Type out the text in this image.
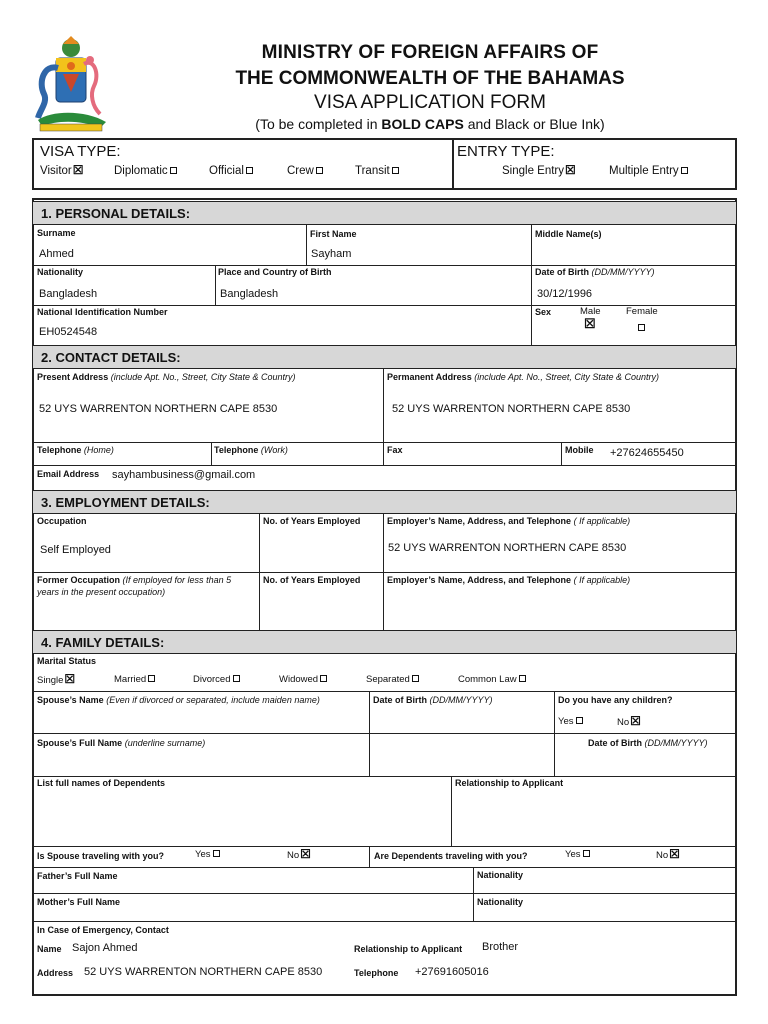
MINISTRY OF FOREIGN AFFAIRS OF
THE COMMONWEALTH OF THE BAHAMAS
VISA APPLICATION FORM
(To be completed in BOLD CAPS and Black or Blue Ink)
VISA TYPE:
Visitor☒	Diplomatic	Official	Crew	Transit
ENTRY TYPE:
Single Entry☒	Multiple Entry
1. PERSONAL DETAILS:
Surname
Ahmed
First Name
Sayham
Middle Name(s)
Nationality
Bangladesh
Place and Country of Birth
Bangladesh
Date of Birth (DD/MM/YYYY)
30/12/1996
National Identification Number
EH0524548
Sex	Male
☒
Female
2. CONTACT DETAILS:
Present Address (include Apt. No., Street, City State & Country)
52 UYS WARRENTON NORTHERN CAPE 8530
Permanent Address (include Apt. No., Street, City State & Country)
52 UYS WARRENTON NORTHERN CAPE 8530
Telephone (Home)	Telephone (Work)	Fax	Mobile +27624655450
Email Address sayhambusiness@gmail.com
3. EMPLOYMENT DETAILS:
Occupation
Self Employed
No. of Years Employed	Employer’s Name, Address, and Telephone ( If applicable)
52 UYS WARRENTON NORTHERN CAPE 8530
Former Occupation (If employed for less than 5
years in the present occupation)
No. of Years Employed	Employer’s Name, Address, and Telephone ( If applicable)
4. FAMILY DETAILS:
Marital Status
Single☒	Married	Divorced	Widowed	Separated	Common Law
Spouse’s Name (Even if divorced or separated, include maiden name)	Date of Birth (DD/MM/YYYY)	Do you have any children?
Yes	No☒
Spouse’s Full Name (underline surname)	Date of Birth (DD/MM/YYYY)
List full names of Dependents	Relationship to Applicant
Is Spouse traveling with you?	Yes	No☒	Are Dependents traveling with you?	Yes	No☒
Father’s Full Name	Nationality
Mother’s Full Name	Nationality
In Case of Emergency, Contact
Name Sajon Ahmed	Relationship to Applicant Brother
Address 52 UYS WARRENTON NORTHERN CAPE 8530	Telephone +27691605016
